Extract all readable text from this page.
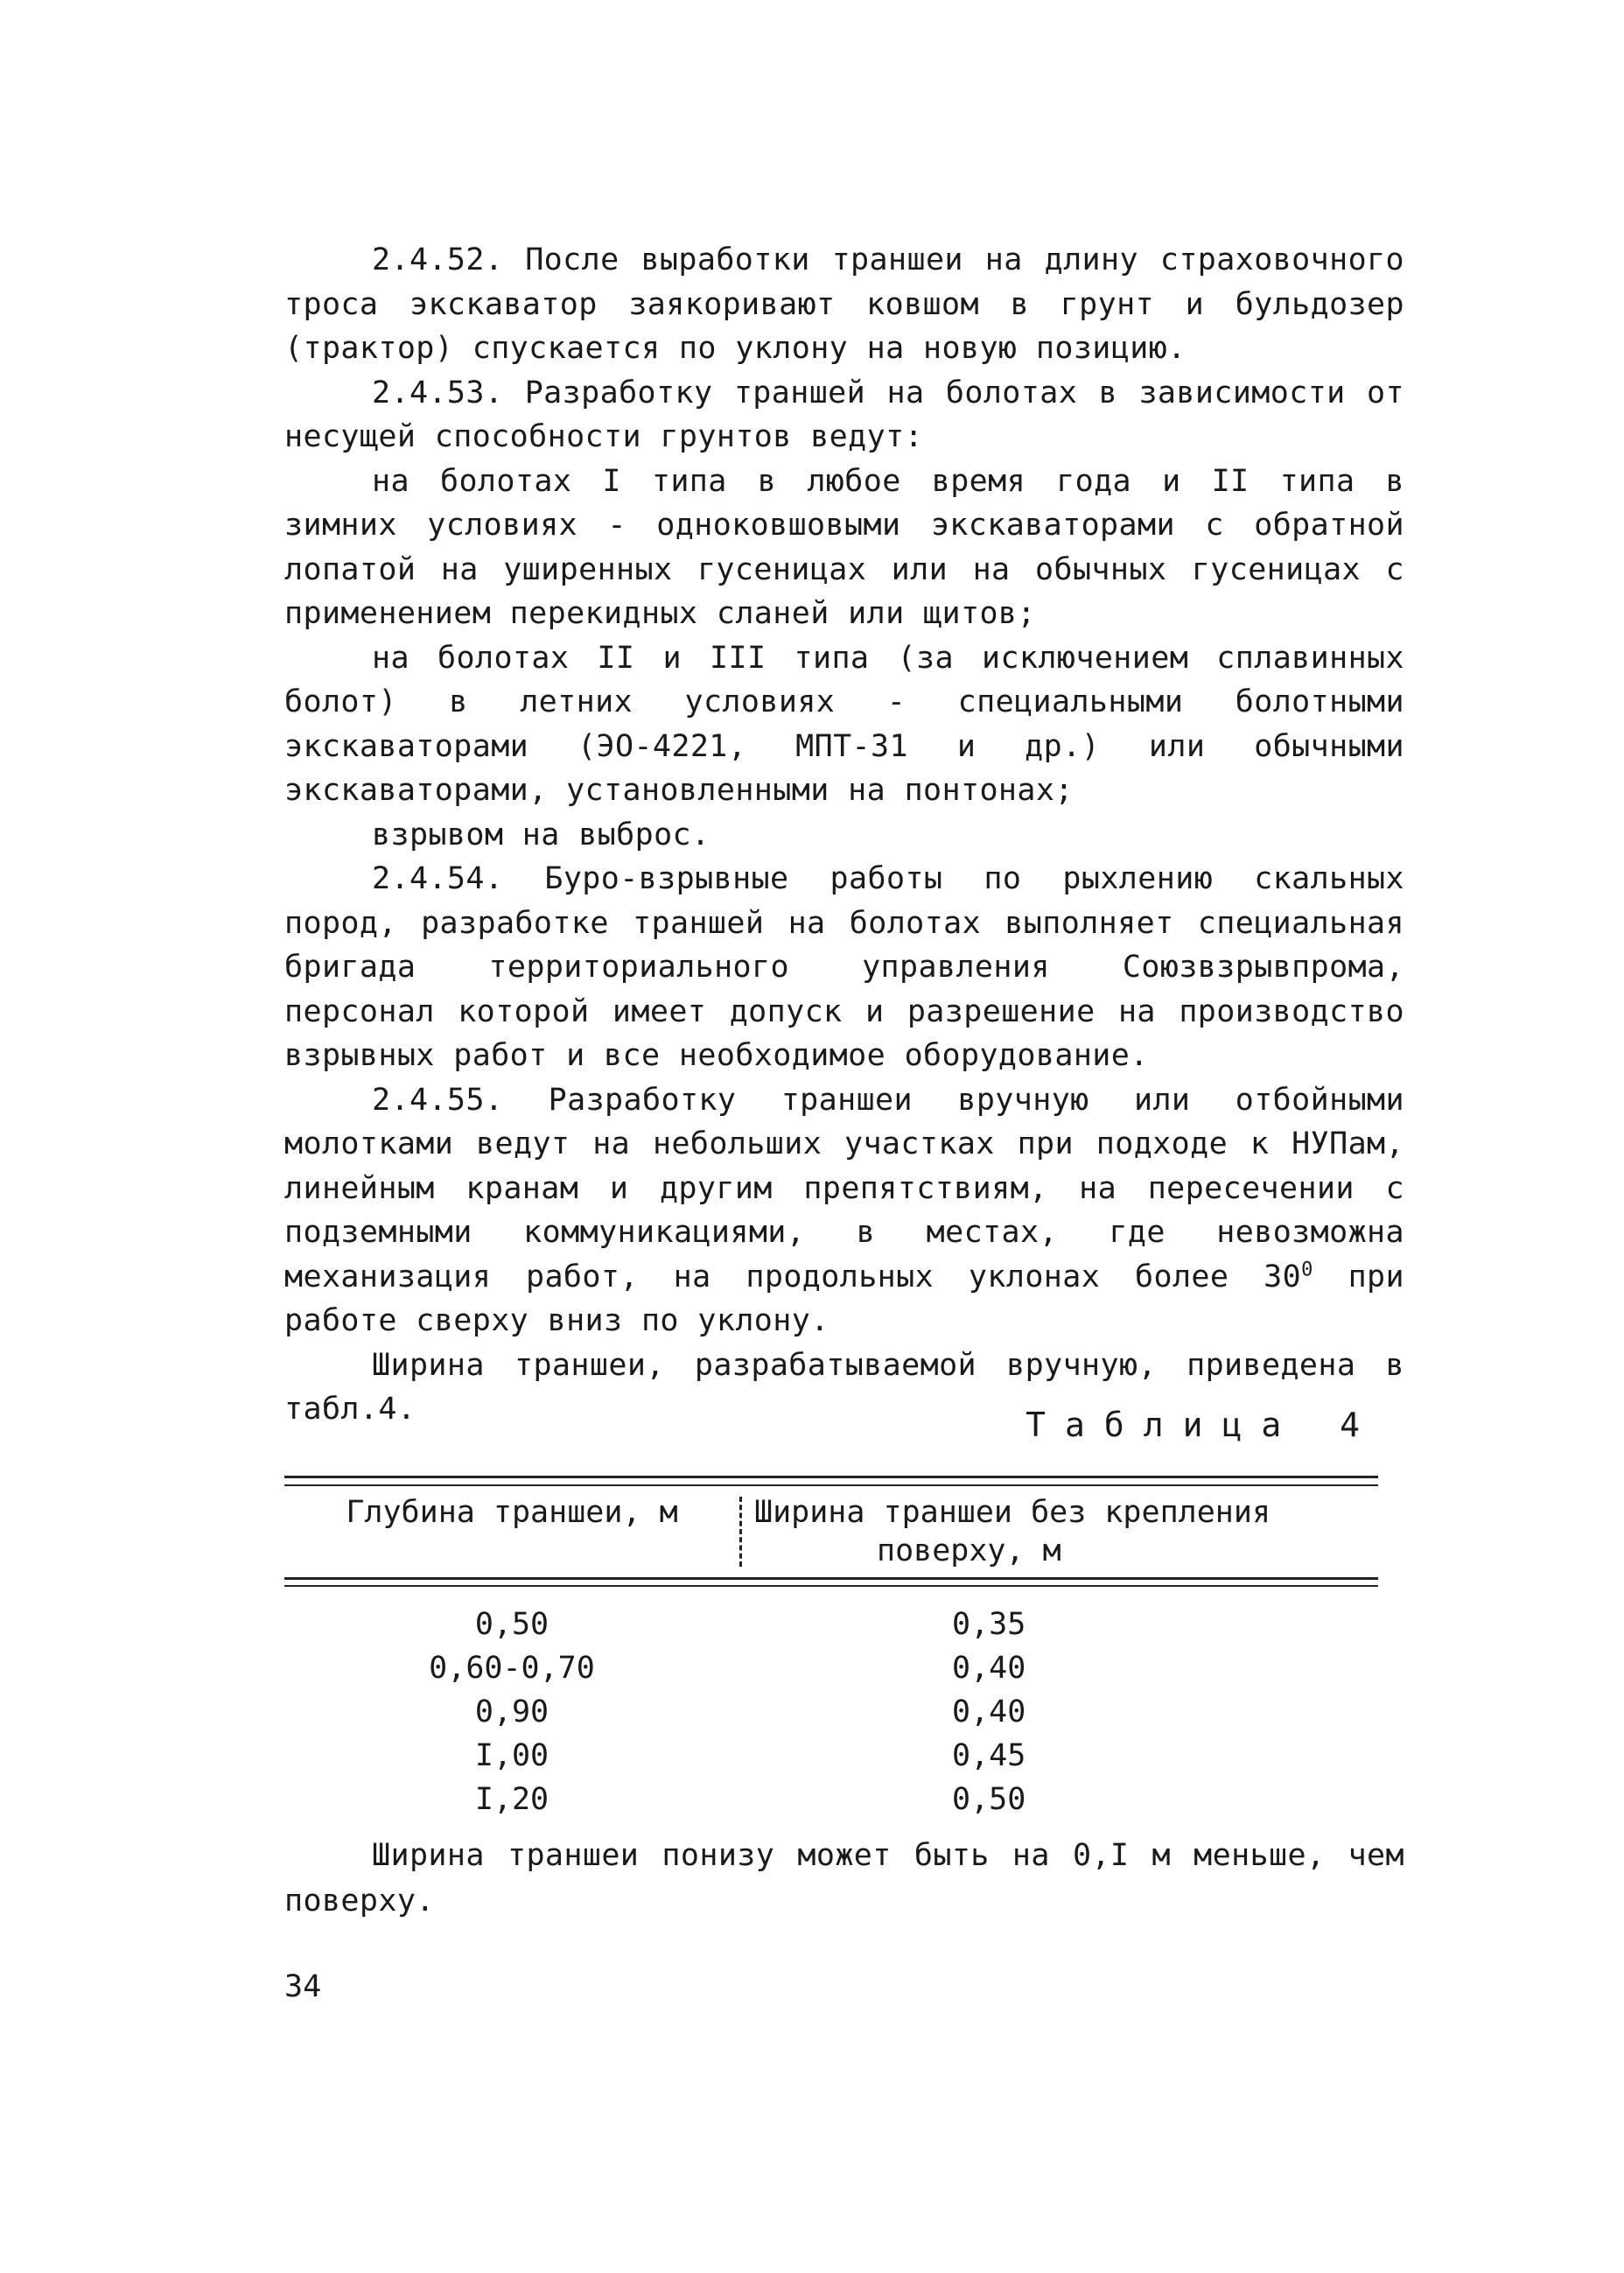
2.4.52. После выработки траншеи на длину страховочного троса экскаватор заякоривают ковшом в грунт и бульдозер (трактор) спускается по уклону на новую позицию.

2.4.53. Разработку траншей на болотах в зависимости от несущей способности грунтов ведут:

на болотах I типа в любое время года и II типа в зимних условиях - одноковшовыми экскаваторами с обратной лопатой на уширенных гусеницах или на обычных гусеницах с применением перекидных сланей или щитов;

на болотах II и III типа (за исключением сплавинных болот) в летних условиях - специальными болотными экскаваторами (ЭО-4221, МПТ-31 и др.) или обычными экскаваторами, установленными на понтонах;

взрывом на выброс.

2.4.54. Буро-взрывные работы по рыхлению скальных пород, разработке траншей на болотах выполняет специальная бригада территориального управления Союзвзрывпрома, персонал которой имеет допуск и разрешение на производство взрывных работ и все необходимое оборудование.

2.4.55. Разработку траншеи вручную или отбойными молотками ведут на небольших участках при подходе к НУПам, линейным кранам и другим препятствиям, на пересечении с подземными коммуникациями, в местах, где невозможна механизация работ, на продольных уклонах более $30^0$ при работе сверху вниз по уклону.

Ширина траншеи, разрабатываемой вручную, приведена в табл.4.	Таблица 4
Глубина траншеи, м	Ширина траншеи без крепления
поверху, м
0,50	0,35
0,60-0,70	0,40
0,90	0,40
I,00	0,45
I,20	0,50

Ширина траншеи понизу может быть на 0,I м меньше, чем поверху.

34
